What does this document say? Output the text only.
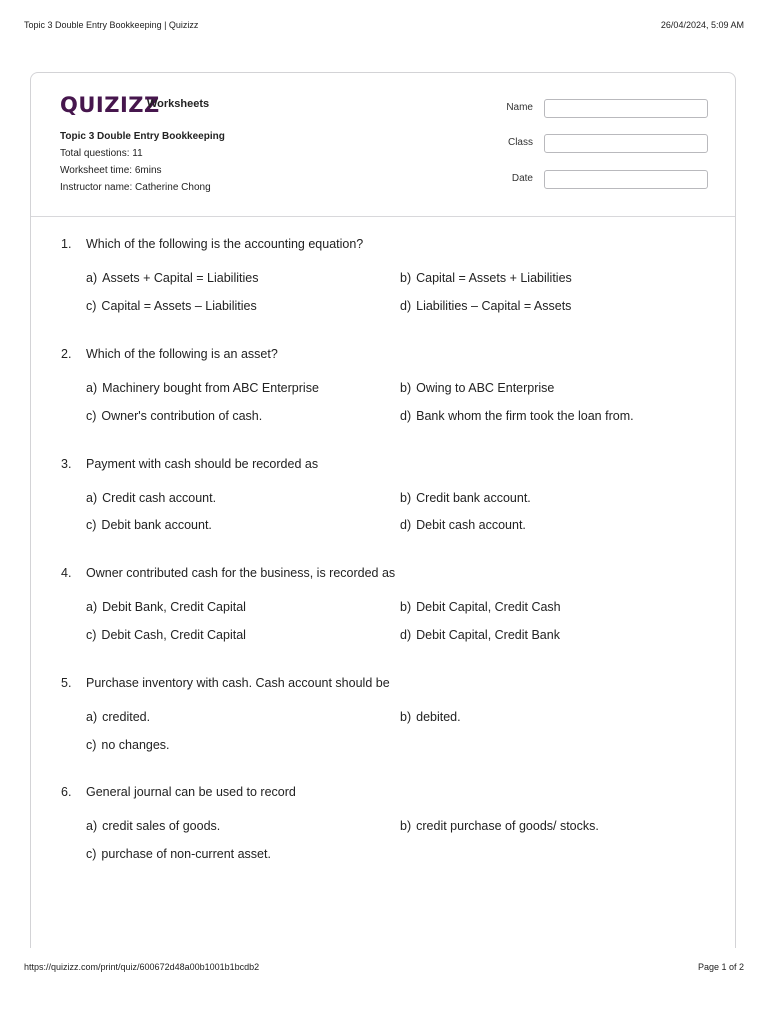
Topic 3 Double Entry Bookkeeping | Quizizz	26/04/2024, 5:09 AM
QUIZIZZ
Worksheets
Topic 3 Double Entry Bookkeeping
Total questions: 11
Worksheet time: 6mins
Instructor name: Catherine Chong
Name
Class
Date
1.	Which of the following is the accounting equation?
a) Assets + Capital = Liabilities	b) Capital = Assets + Liabilities
c) Capital = Assets – Liabilities	d) Liabilities – Capital = Assets
2.	Which of the following is an asset?
a) Machinery bought from ABC Enterprise	b) Owing to ABC Enterprise
c) Owner's contribution of cash.	d) Bank whom the firm took the loan from.
3.	Payment with cash should be recorded as
a) Credit cash account.	b) Credit bank account.
c) Debit bank account.	d) Debit cash account.
4.	Owner contributed cash for the business, is recorded as
a) Debit Bank, Credit Capital	b) Debit Capital, Credit Cash
c) Debit Cash, Credit Capital	d) Debit Capital, Credit Bank
5.	Purchase inventory with cash. Cash account should be
a) credited.	b) debited.
c) no changes.
6.	General journal can be used to record
a) credit sales of goods.	b) credit purchase of goods/ stocks.
c) purchase of non-current asset.
https://quizizz.com/print/quiz/600672d48a00b1001b1bcdb2	Page 1 of 2
